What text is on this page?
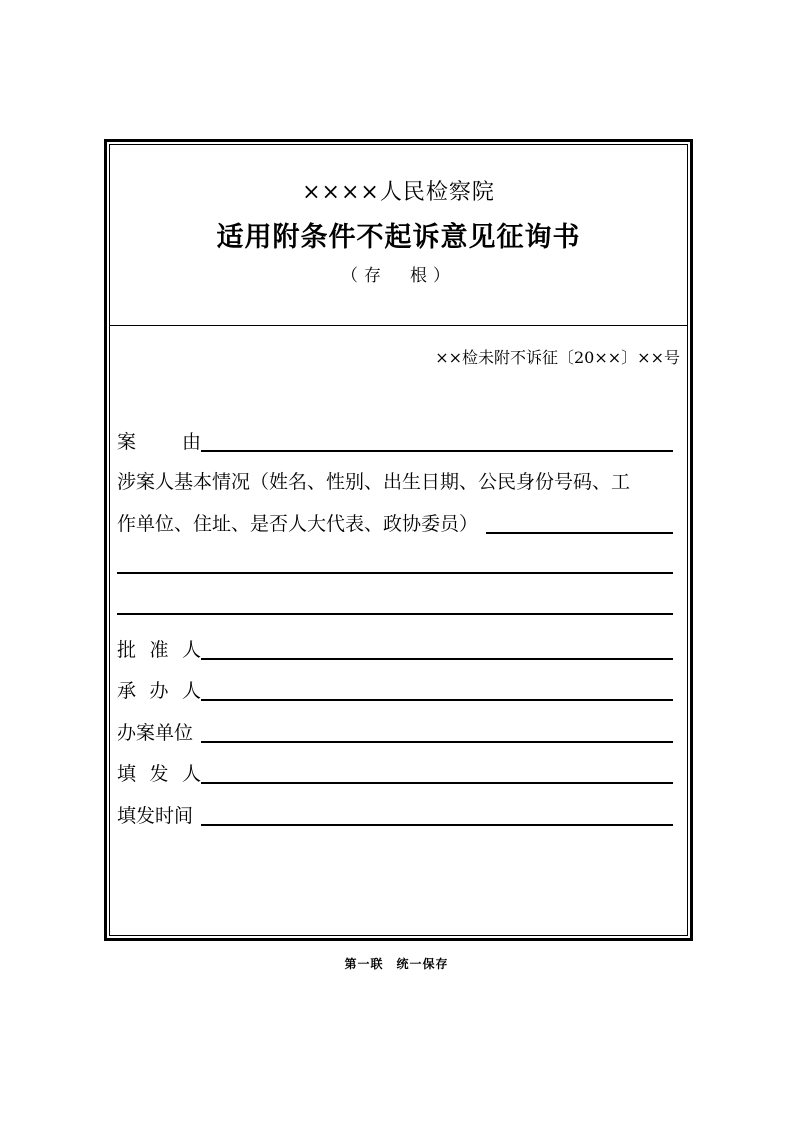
××××人民检察院
适用附条件不起诉意见征询书
（存　根）
××检未附不诉征〔20××〕××号
案 由
涉案人基本情况（姓名、性别、出生日期、公民身份号码、工
作单位、住址、是否人大代表、政协委员）
批 准 人
承 办 人
办案单位
填 发 人
填发时间
第一联　统一保存
